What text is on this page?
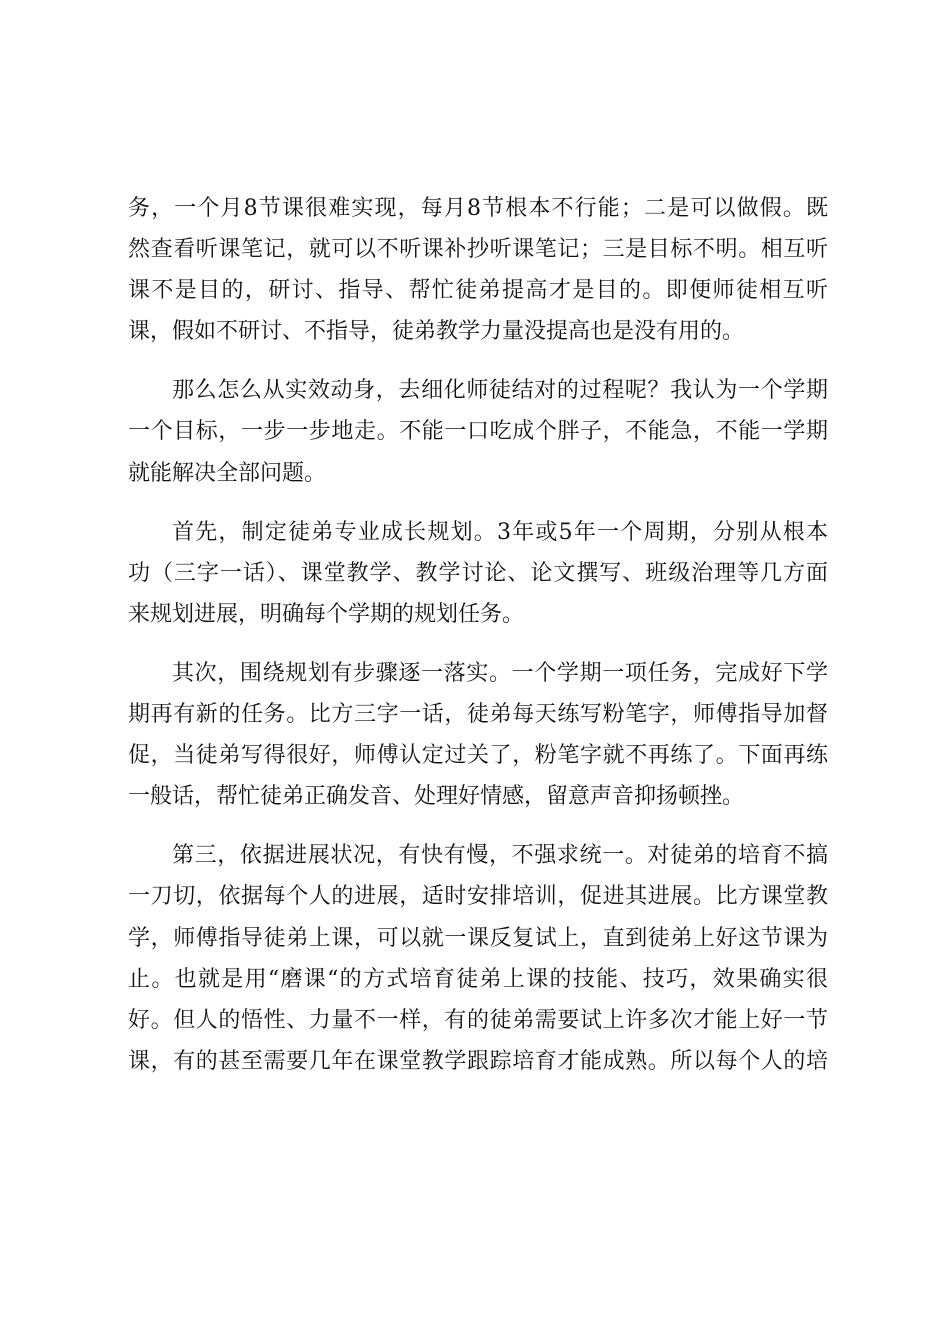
务，一个月8节课很难实现，每月8节根本不行能；二是可以做假。既
然查看听课笔记，就可以不听课补抄听课笔记；三是目标不明。相互听
课不是目的，研讨、指导、帮忙徒弟提高才是目的。即便师徒相互听
课，假如不研讨、不指导，徒弟教学力量没提高也是没有用的。
那么怎么从实效动身，去细化师徒结对的过程呢？我认为一个学期
一个目标，一步一步地走。不能一口吃成个胖子，不能急，不能一学期
就能解决全部问题。
首先，制定徒弟专业成长规划。3年或5年一个周期，分别从根本
功（三字一话）、课堂教学、教学讨论、论文撰写、班级治理等几方面
来规划进展，明确每个学期的规划任务。
其次，围绕规划有步骤逐一落实。一个学期一项任务，完成好下学
期再有新的任务。比方三字一话，徒弟每天练写粉笔字，师傅指导加督
促，当徒弟写得很好，师傅认定过关了，粉笔字就不再练了。下面再练
一般话，帮忙徒弟正确发音、处理好情感，留意声音抑扬顿挫。
第三，依据进展状况，有快有慢，不强求统一。对徒弟的培育不搞
一刀切，依据每个人的进展，适时安排培训，促进其进展。比方课堂教
学，师傅指导徒弟上课，可以就一课反复试上，直到徒弟上好这节课为
止。也就是用“磨课“的方式培育徒弟上课的技能、技巧，效果确实很
好。但人的悟性、力量不一样，有的徒弟需要试上许多次才能上好一节
课，有的甚至需要几年在课堂教学跟踪培育才能成熟。所以每个人的培
